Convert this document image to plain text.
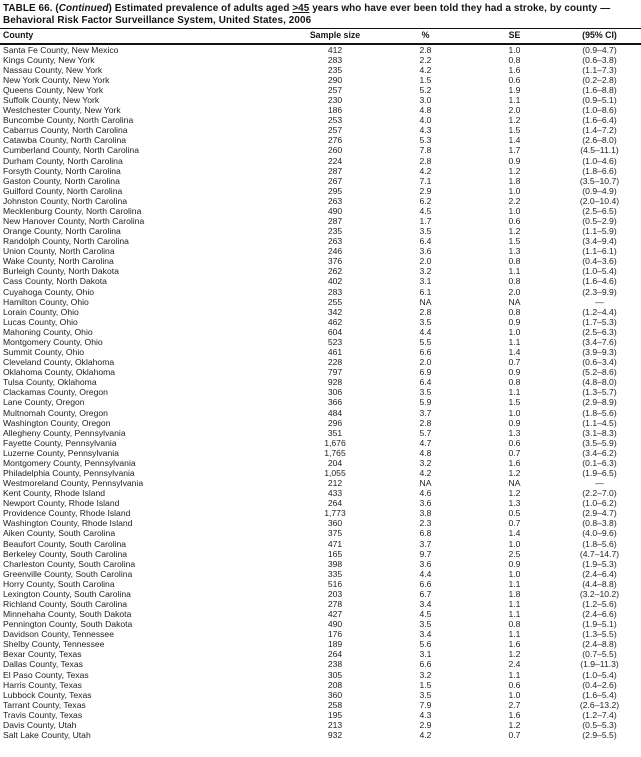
TABLE 66. (Continued) Estimated prevalence of adults aged >45 years who have ever been told they had a stroke, by county —
Behavioral Risk Factor Surveillance System, United States, 2006
County	Sample size	%	SE	(95% CI)
Santa Fe County, New Mexico	412	2.8	1.0	(0.9–4.7)
Kings County, New York	283	2.2	0.8	(0.6–3.8)
Nassau County, New York	235	4.2	1.6	(1.1–7.3)
New York County, New York	290	1.5	0.6	(0.2–2.8)
Queens County, New York	257	5.2	1.9	(1.6–8.8)
Suffolk County, New York	230	3.0	1.1	(0.9–5.1)
Westchester County, New York	186	4.8	2.0	(1.0–8.6)
Buncombe County, North Carolina	253	4.0	1.2	(1.6–6.4)
Cabarrus County, North Carolina	257	4.3	1.5	(1.4–7.2)
Catawba County, North Carolina	276	5.3	1.4	(2.6–8.0)
Cumberland County, North Carolina	260	7.8	1.7	(4.5–11.1)
Durham County, North Carolina	224	2.8	0.9	(1.0–4.6)
Forsyth County, North Carolina	287	4.2	1.2	(1.8–6.6)
Gaston County, North Carolina	267	7.1	1.8	(3.5–10.7)
Guilford County, North Carolina	295	2.9	1.0	(0.9–4.9)
Johnston County, North Carolina	263	6.2	2.2	(2.0–10.4)
Mecklenburg County, North Carolina	490	4.5	1.0	(2.5–6.5)
New Hanover County, North Carolina	287	1.7	0.6	(0.5–2.9)
Orange County, North Carolina	235	3.5	1.2	(1.1–5.9)
Randolph County, North Carolina	263	6.4	1.5	(3.4–9.4)
Union County, North Carolina	246	3.6	1.3	(1.1–6.1)
Wake County, North Carolina	376	2.0	0.8	(0.4–3.6)
Burleigh County, North Dakota	262	3.2	1.1	(1.0–5.4)
Cass County, North Dakota	402	3.1	0.8	(1.6–4.6)
Cuyahoga County, Ohio	283	6.1	2.0	(2.3–9.9)
Hamilton County, Ohio	255	NA	NA	—
Lorain County, Ohio	342	2.8	0.8	(1.2–4.4)
Lucas County, Ohio	462	3.5	0.9	(1.7–5.3)
Mahoning County, Ohio	604	4.4	1.0	(2.5–6.3)
Montgomery County, Ohio	523	5.5	1.1	(3.4–7.6)
Summit County, Ohio	461	6.6	1.4	(3.9–9.3)
Cleveland County, Oklahoma	228	2.0	0.7	(0.6–3.4)
Oklahoma County, Oklahoma	797	6.9	0.9	(5.2–8.6)
Tulsa County, Oklahoma	928	6.4	0.8	(4.8–8.0)
Clackamas County, Oregon	306	3.5	1.1	(1.3–5.7)
Lane County, Oregon	366	5.9	1.5	(2.9–8.9)
Multnomah County, Oregon	484	3.7	1.0	(1.8–5.6)
Washington County, Oregon	296	2.8	0.9	(1.1–4.5)
Allegheny County, Pennsylvania	351	5.7	1.3	(3.1–8.3)
Fayette County, Pennsylvania	1,676	4.7	0.6	(3.5–5.9)
Luzerne County, Pennsylvania	1,765	4.8	0.7	(3.4–6.2)
Montgomery County, Pennsylvania	204	3.2	1.6	(0.1–6.3)
Philadelphia County, Pennsylvania	1,055	4.2	1.2	(1.9–6.5)
Westmoreland County, Pennsylvania	212	NA	NA	—
Kent County, Rhode Island	433	4.6	1.2	(2.2–7.0)
Newport County, Rhode Island	264	3.6	1.3	(1.0–6.2)
Providence County, Rhode Island	1,773	3.8	0.5	(2.9–4.7)
Washington County, Rhode Island	360	2.3	0.7	(0.8–3.8)
Aiken County, South Carolina	375	6.8	1.4	(4.0–9.6)
Beaufort County, South Carolina	471	3.7	1.0	(1.8–5.6)
Berkeley County, South Carolina	165	9.7	2.5	(4.7–14.7)
Charleston County, South Carolina	398	3.6	0.9	(1.9–5.3)
Greenville County, South Carolina	335	4.4	1.0	(2.4–6.4)
Horry County, South Carolina	516	6.6	1.1	(4.4–8.8)
Lexington County, South Carolina	203	6.7	1.8	(3.2–10.2)
Richland County, South Carolina	278	3.4	1.1	(1.2–5.6)
Minnehaha County, South Dakota	427	4.5	1.1	(2.4–6.6)
Pennington County, South Dakota	490	3.5	0.8	(1.9–5.1)
Davidson County, Tennessee	176	3.4	1.1	(1.3–5.5)
Shelby County, Tennessee	189	5.6	1.6	(2.4–8.8)
Bexar County, Texas	264	3.1	1.2	(0.7–5.5)
Dallas County, Texas	238	6.6	2.4	(1.9–11.3)
El Paso County, Texas	305	3.2	1.1	(1.0–5.4)
Harris County, Texas	208	1.5	0.6	(0.4–2.6)
Lubbock County, Texas	360	3.5	1.0	(1.6–5.4)
Tarrant County, Texas	258	7.9	2.7	(2.6–13.2)
Travis County, Texas	195	4.3	1.6	(1.2–7.4)
Davis County, Utah	213	2.9	1.2	(0.5–5.3)
Salt Lake County, Utah	932	4.2	0.7	(2.9–5.5)
